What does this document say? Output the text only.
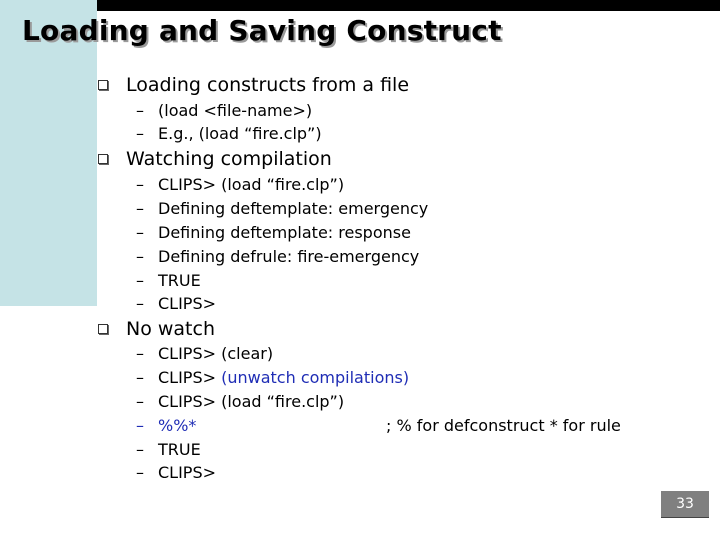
Loading and Saving Construct
Loading constructs from a file
– (load <file-name>)
– E.g., (load “fire.clp”)
Watching compilation
– CLIPS> (load “fire.clp”)
– Defining deftemplate: emergency
– Defining deftemplate: response
– Defining defrule: fire-emergency
– TRUE
– CLIPS>
No watch
– CLIPS> (clear)
– CLIPS> (unwatch compilations)
– CLIPS> (load “fire.clp”)
– %%*	; % for defconstruct * for rule
– TRUE
– CLIPS>
33
